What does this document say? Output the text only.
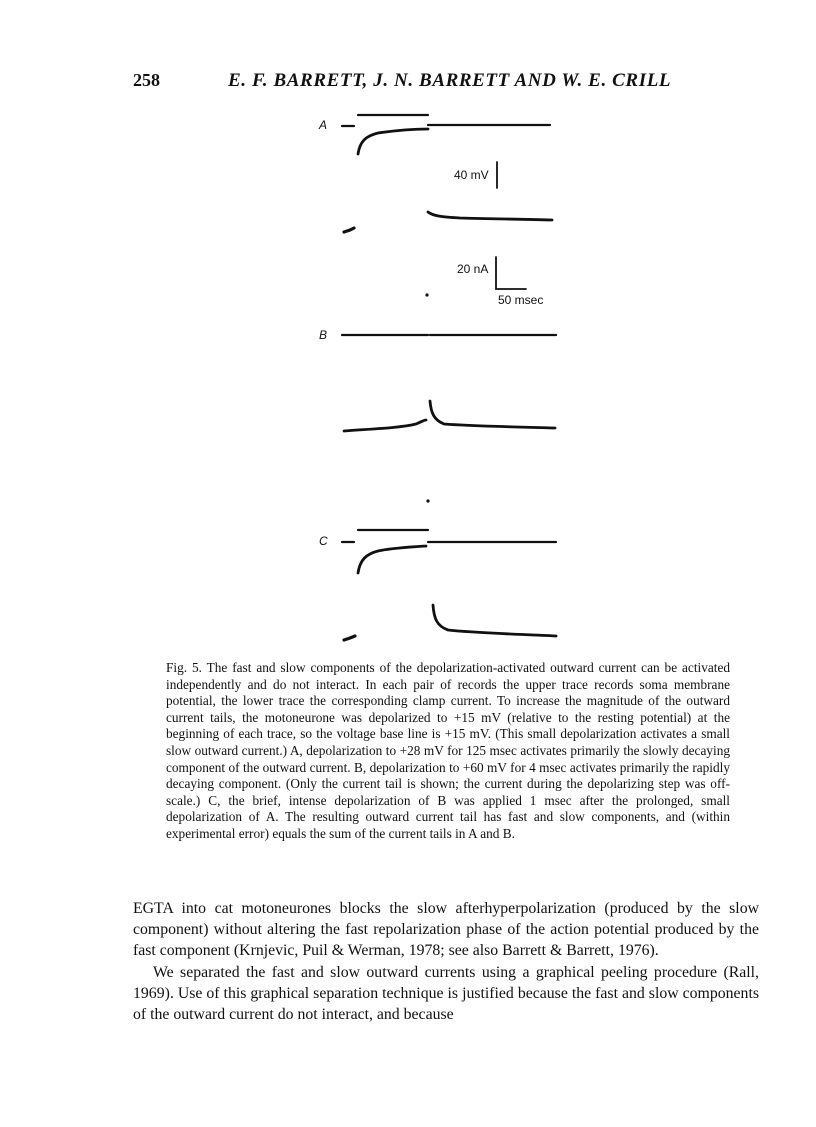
258	E. F. BARRETT, J. N. BARRETT AND W. E. CRILL
A
B
C
40 mV
20 nA
50 msec
Fig. 5. The fast and slow components of the depolarization-activated outward current can be activated independently and do not interact. In each pair of records the upper trace records soma membrane potential, the lower trace the corresponding clamp current. To increase the magnitude of the outward current tails, the motoneurone was depolarized to +15 mV (relative to the resting potential) at the beginning of each trace, so the voltage base line is +15 mV. (This small depolarization activates a small slow outward current.) A, depolarization to +28 mV for 125 msec activates primarily the slowly decaying component of the outward current. B, depolarization to +60 mV for 4 msec activates primarily the rapidly decaying component. (Only the current tail is shown; the current during the depolarizing step was off-scale.) C, the brief, intense depolarization of B was applied 1 msec after the prolonged, small depolarization of A. The resulting outward current tail has fast and slow components, and (within experimental error) equals the sum of the current tails in A and B.

EGTA into cat motoneurones blocks the slow afterhyperpolarization (produced by the slow component) without altering the fast repolarization phase of the action potential produced by the fast component (Krnjevic, Puil & Werman, 1978; see also Barrett & Barrett, 1976).

We separated the fast and slow outward currents using a graphical peeling procedure (Rall, 1969). Use of this graphical separation technique is justified because the fast and slow components of the outward current do not interact, and because
